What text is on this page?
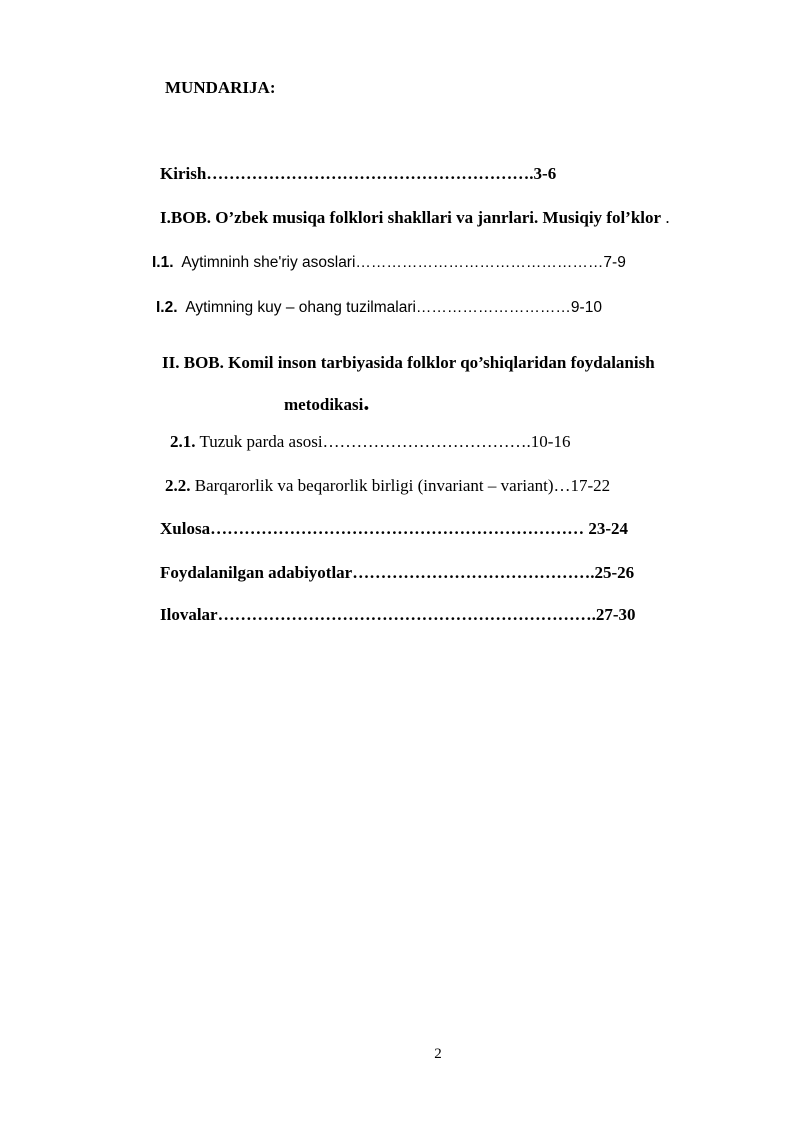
MUNDARIJA:
Kirish………………………………………………….3-6
I.BOB. O’zbek musiqa folklori shakllari va janrlari. Musiqiy fol’klor .
I.1. Aytimninh she'riy asoslari…………………………………………7-9
I.2. Aytimning kuy – ohang tuzilmalari…………………………9-10
II. BOB. Komil inson tarbiyasida folklor qo’shiqlaridan foydalanish
metodikasi.
2.1. Tuzuk parda asosi……………………………….10-16
2.2. Barqarorlik va beqarorlik birligi (invariant – variant)…17-22
Xulosa………………………………………………………… 23-24
Foydalanilgan adabiyotlar…………………………………….25-26
Ilovalar………………………………………………………….27-30
2
